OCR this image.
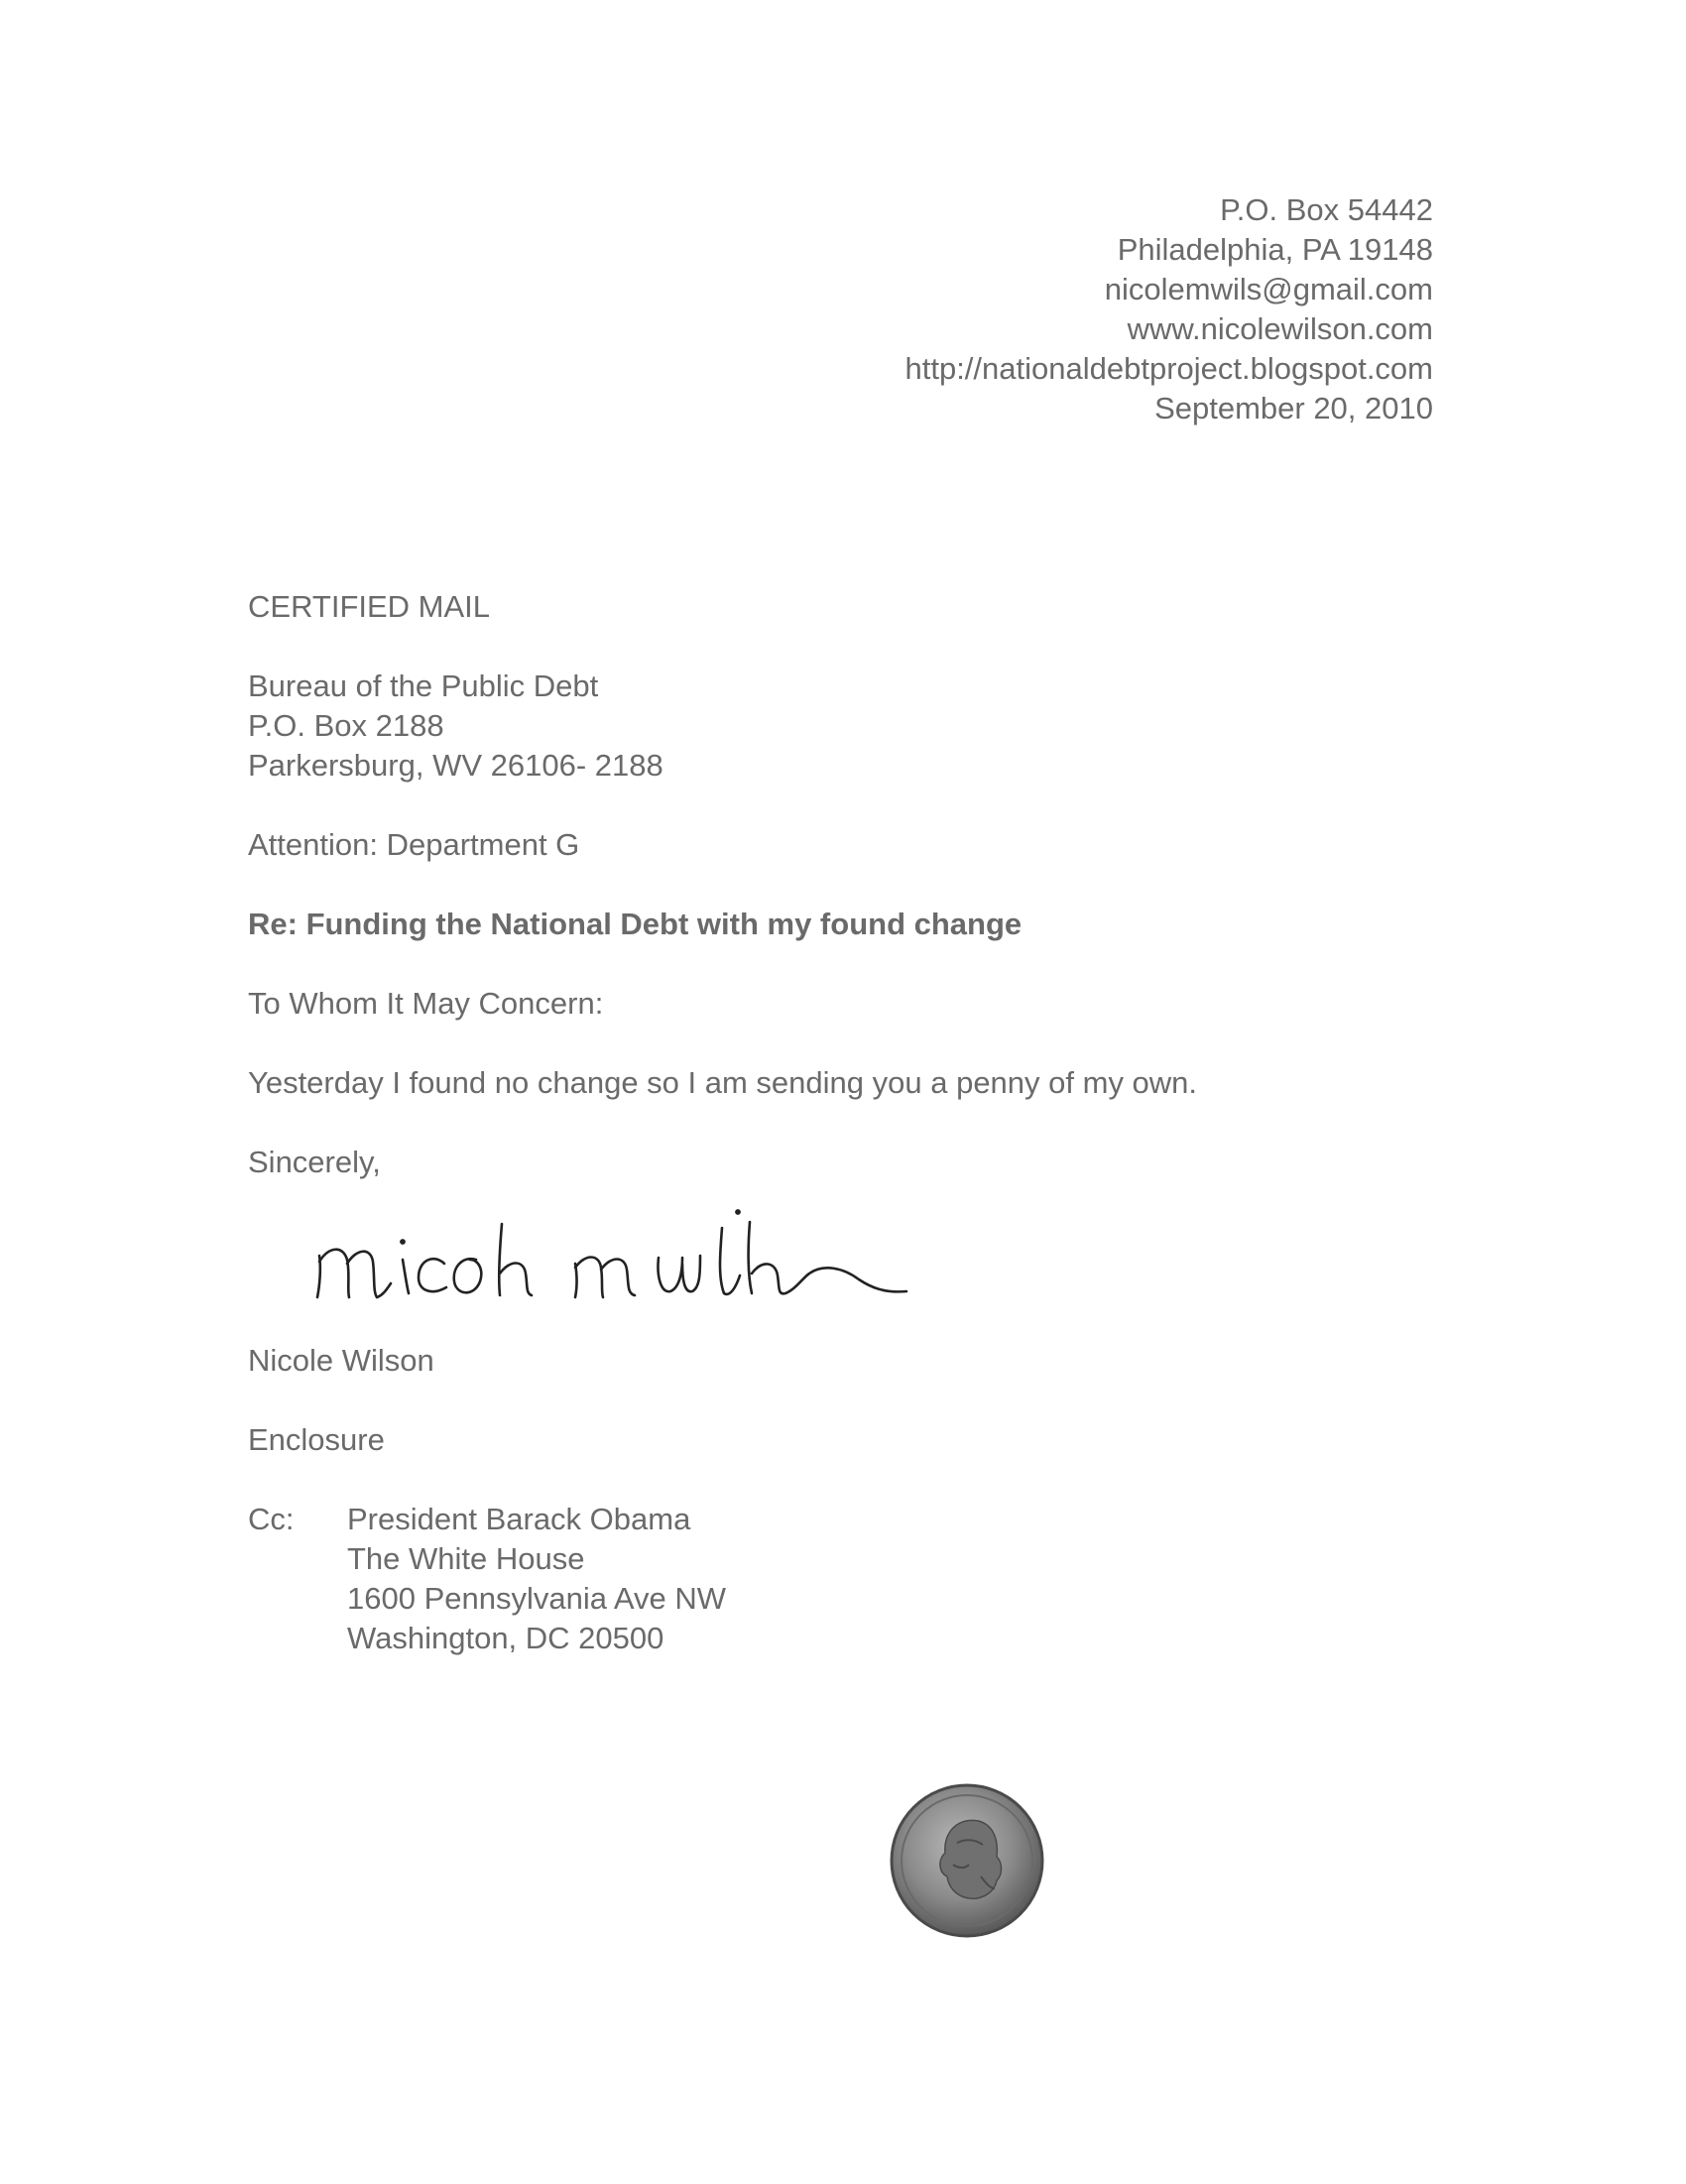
P.O. Box 54442
Philadelphia, PA 19148
nicolemwils@gmail.com
www.nicolewilson.com
http://nationaldebtproject.blogspot.com
September 20, 2010
CERTIFIED MAIL
Bureau of the Public Debt
P.O. Box 2188
Parkersburg, WV 26106- 2188
Attention: Department G
Re: Funding the National Debt with my found change
To Whom It May Concern:
Yesterday I found no change so I am sending you a penny of my own.
Sincerely,
Nicole Wilson
Enclosure
Cc:	President Barack Obama
The White House
1600 Pennsylvania Ave NW
Washington, DC 20500
